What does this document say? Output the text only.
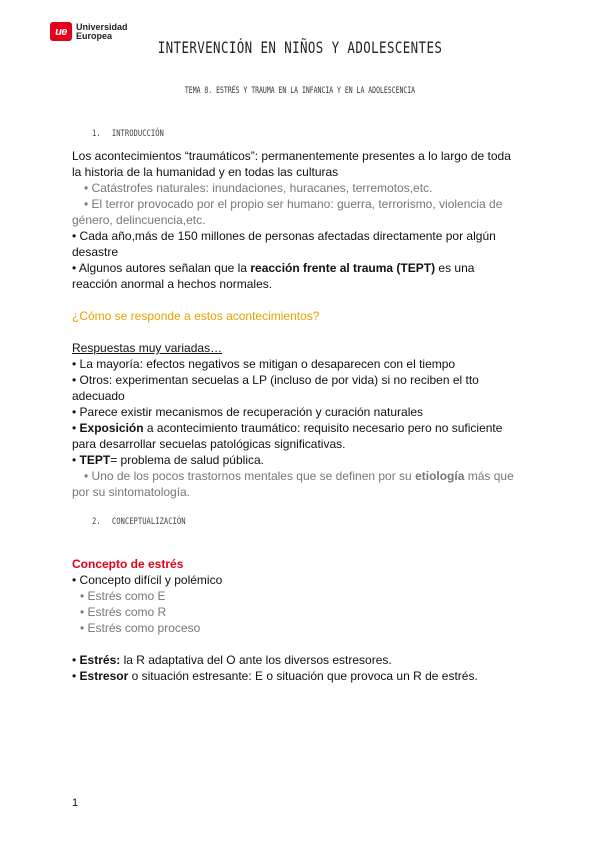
ue	Universidad
Europea
INTERVENCIÓN EN NIÑOS Y ADOLESCENTES
TEMA 8. ESTRÉS Y TRAUMA EN LA INFANCIA Y EN LA ADOLESCENCIA
1. INTRODUCCIÓN
Los acontecimientos “traumáticos”: permanentemente presentes a lo largo de toda
la historia de la humanidad y en todas las culturas
• Catástrofes naturales: inundaciones, huracanes, terremotos,etc.
• El terror provocado por el propio ser humano: guerra, terrorismo, violencia de
género, delincuencia,etc.
• Cada año,más de 150 millones de personas afectadas directamente por algún
desastre
• Algunos autores señalan que la reacción frente al trauma (TEPT) es una
reacción anormal a hechos normales.
¿Cómo se responde a estos acontecimientos?
Respuestas muy variadas…
• La mayoría: efectos negativos se mitigan o desaparecen con el tiempo
• Otros: experimentan secuelas a LP (incluso de por vida) si no reciben el tto
adecuado
• Parece existir mecanismos de recuperación y curación naturales
• Exposición a acontecimiento traumático: requisito necesario pero no suficiente
para desarrollar secuelas patológicas significativas.
• TEPT= problema de salud pública.
• Uno de los pocos trastornos mentales que se definen por su etiología más que
por su sintomatología.
2. CONCEPTUALIZACIÓN
Concepto de estrés
• Concepto difícil y polémico
• Estrés como E
• Estrés como R
• Estrés como proceso
• Estrés: la R adaptativa del O ante los diversos estresores.
• Estresor o situación estresante: E o situación que provoca un R de estrés.
1
